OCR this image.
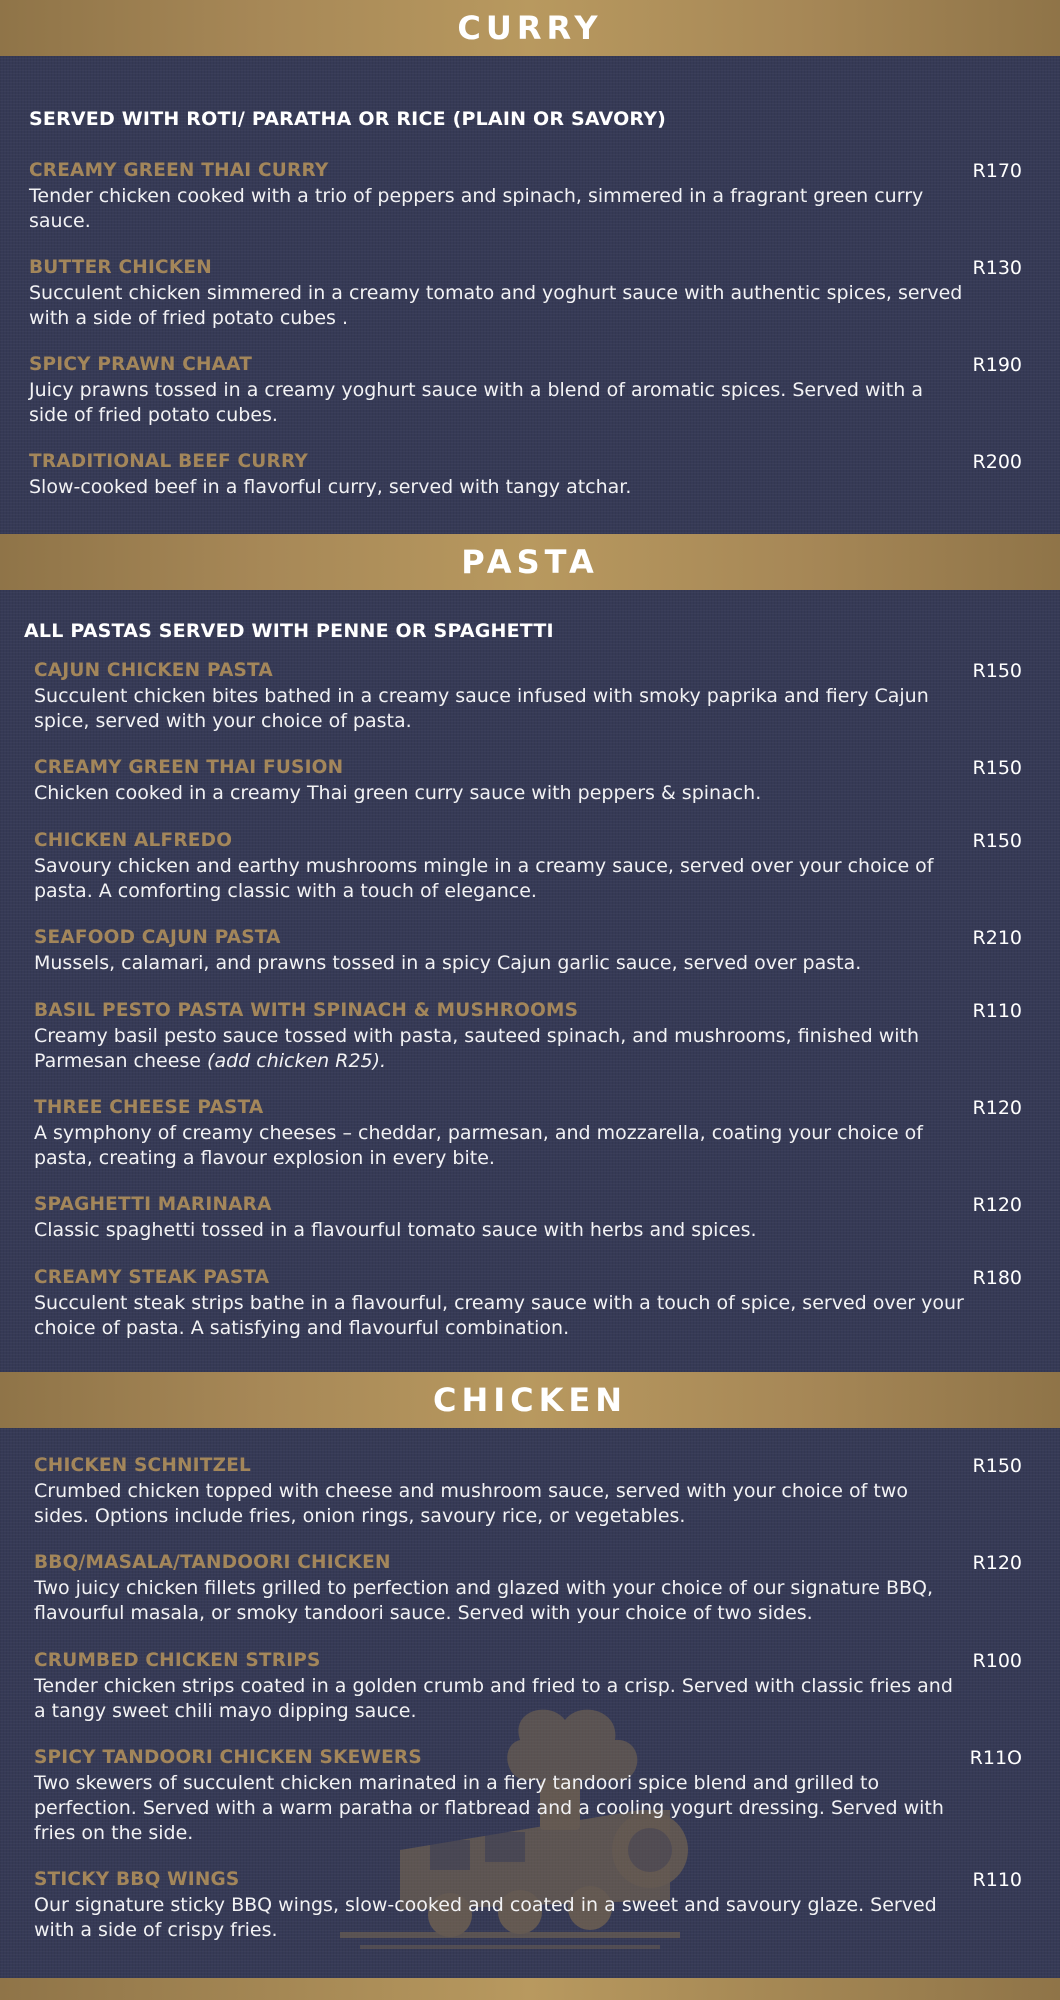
CURRY
SERVED WITH ROTI/ PARATHA OR RICE (PLAIN OR SAVORY)
CREAMY GREEN THAI CURRY	R170
Tender chicken cooked with a trio of peppers and spinach, simmered in a fragrant green curry sauce.
BUTTER CHICKEN	R130
Succulent chicken simmered in a creamy tomato and yoghurt sauce with authentic spices, served with a side of fried potato cubes .
SPICY PRAWN CHAAT	R190
Juicy prawns tossed in a creamy yoghurt sauce with a blend of aromatic spices. Served with a side of fried potato cubes.
TRADITIONAL BEEF CURRY	R200
Slow-cooked beef in a flavorful curry, served with tangy atchar.
PASTA
ALL PASTAS SERVED WITH PENNE OR SPAGHETTI
CAJUN CHICKEN PASTA	R150
Succulent chicken bites bathed in a creamy sauce infused with smoky paprika and fiery Cajun spice, served with your choice of pasta.
CREAMY GREEN THAI FUSION	R150
Chicken cooked in a creamy Thai green curry sauce with peppers & spinach.
CHICKEN ALFREDO	R150
Savoury chicken and earthy mushrooms mingle in a creamy sauce, served over your choice of pasta. A comforting classic with a touch of elegance.
SEAFOOD CAJUN PASTA	R210
Mussels, calamari, and prawns tossed in a spicy Cajun garlic sauce, served over pasta.
BASIL PESTO PASTA WITH SPINACH & MUSHROOMS	R110
Creamy basil pesto sauce tossed with pasta, sauteed spinach, and mushrooms, finished with Parmesan cheese (add chicken R25).
THREE CHEESE PASTA	R120
A symphony of creamy cheeses – cheddar, parmesan, and mozzarella, coating your choice of pasta, creating a flavour explosion in every bite.
SPAGHETTI MARINARA	R120
Classic spaghetti tossed in a flavourful tomato sauce with herbs and spices.
CREAMY STEAK PASTA	R180
Succulent steak strips bathe in a flavourful, creamy sauce with a touch of spice, served over your choice of pasta. A satisfying and flavourful combination.
CHICKEN
CHICKEN SCHNITZEL	R150
Crumbed chicken topped with cheese and mushroom sauce, served with your choice of two sides. Options include fries, onion rings, savoury rice, or vegetables.
BBQ/MASALA/TANDOORI CHICKEN	R120
Two juicy chicken fillets grilled to perfection and glazed with your choice of our signature BBQ, flavourful masala, or smoky tandoori sauce. Served with your choice of two sides.
CRUMBED CHICKEN STRIPS	R100
Tender chicken strips coated in a golden crumb and fried to a crisp. Served with classic fries and a tangy sweet chili mayo dipping sauce.
SPICY TANDOORI CHICKEN SKEWERS	R11O
Two skewers of succulent chicken marinated in a fiery tandoori spice blend and grilled to perfection. Served with a warm paratha or flatbread and a cooling yogurt dressing. Served with fries on the side.
STICKY BBQ WINGS	R110
Our signature sticky BBQ wings, slow-cooked and coated in a sweet and savoury glaze. Served with a side of crispy fries.
